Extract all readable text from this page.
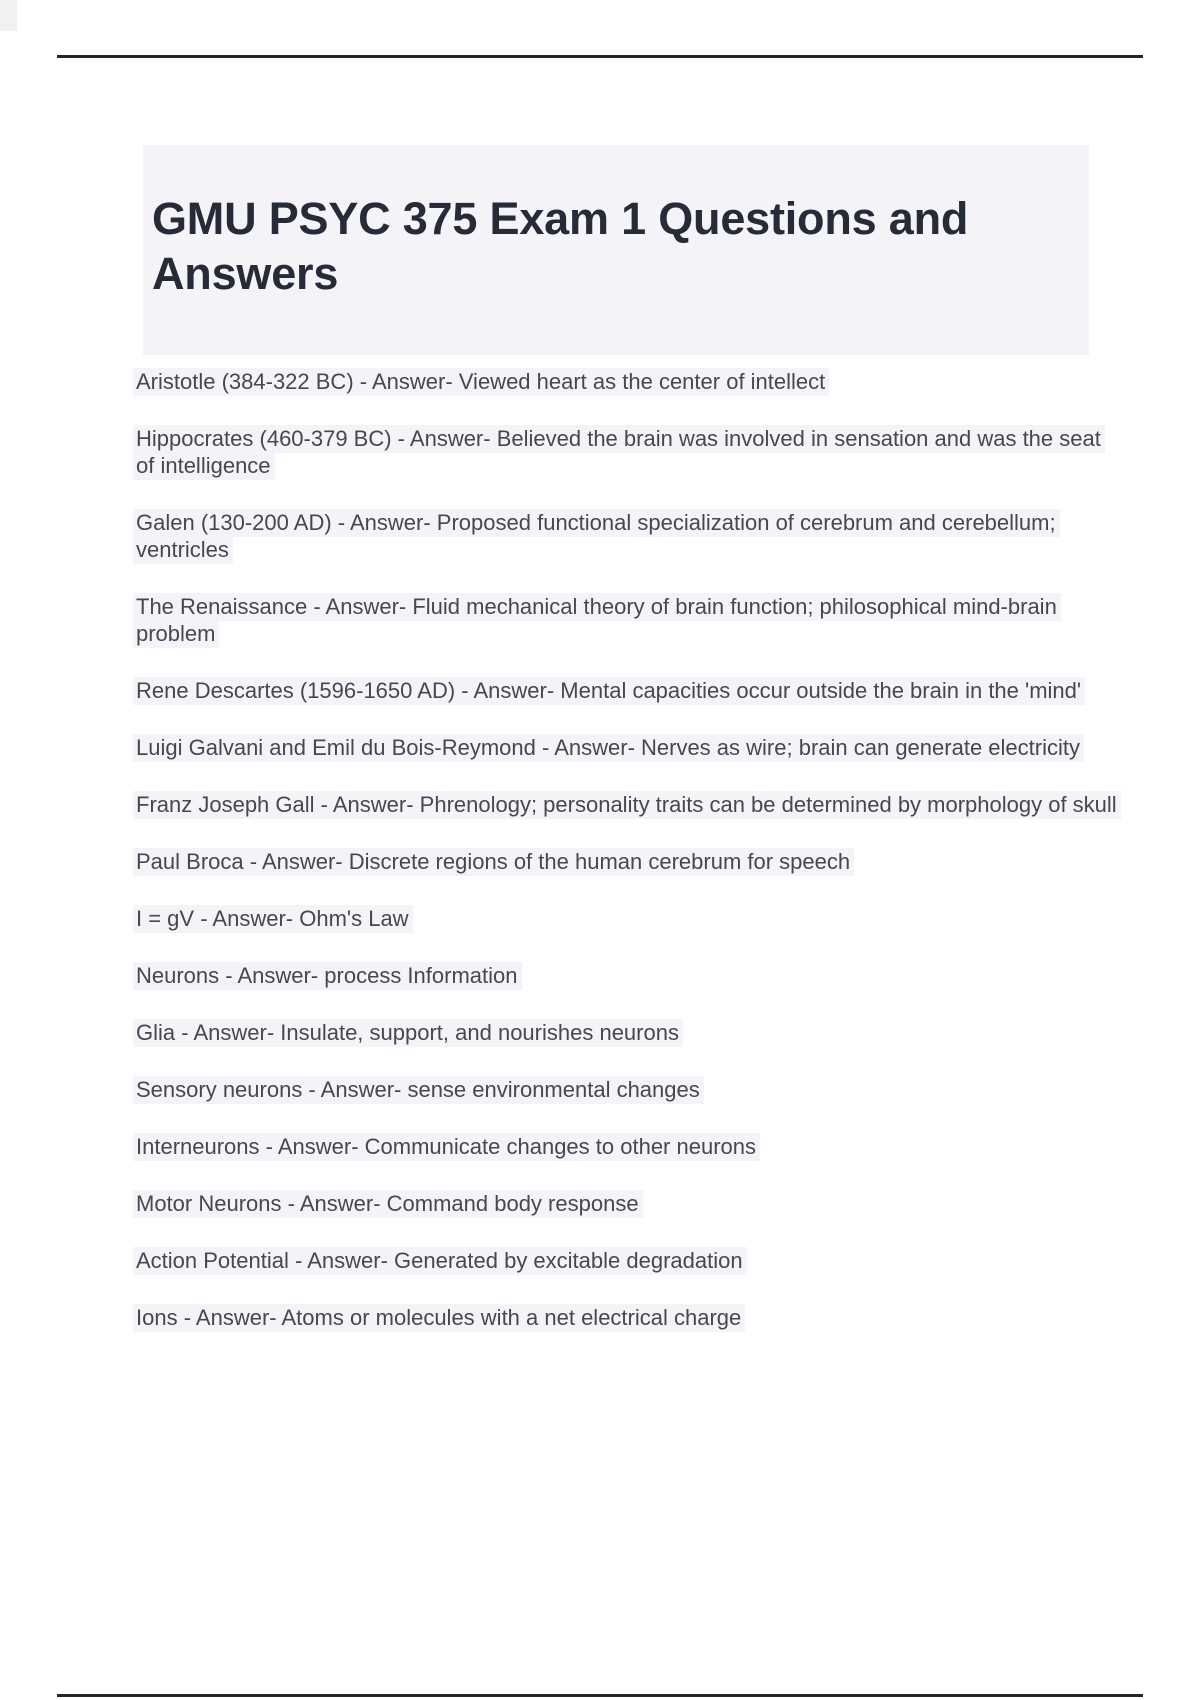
GMU PSYC 375 Exam 1 Questions and Answers

Aristotle (384-322 BC) - Answer- Viewed heart as the center of intellect

Hippocrates (460-379 BC) - Answer- Believed the brain was involved in sensation and was the seat of intelligence

Galen (130-200 AD) - Answer- Proposed functional specialization of cerebrum and cerebellum; ventricles

The Renaissance - Answer- Fluid mechanical theory of brain function; philosophical mind-brain problem

Rene Descartes (1596-1650 AD) - Answer- Mental capacities occur outside the brain in the 'mind'

Luigi Galvani and Emil du Bois-Reymond - Answer- Nerves as wire; brain can generate electricity

Franz Joseph Gall - Answer- Phrenology; personality traits can be determined by morphology of skull

Paul Broca - Answer- Discrete regions of the human cerebrum for speech

I = gV - Answer- Ohm's Law

Neurons - Answer- process Information

Glia - Answer- Insulate, support, and nourishes neurons

Sensory neurons - Answer- sense environmental changes

Interneurons - Answer- Communicate changes to other neurons

Motor Neurons - Answer- Command body response

Action Potential - Answer- Generated by excitable degradation

Ions - Answer- Atoms or molecules with a net electrical charge
